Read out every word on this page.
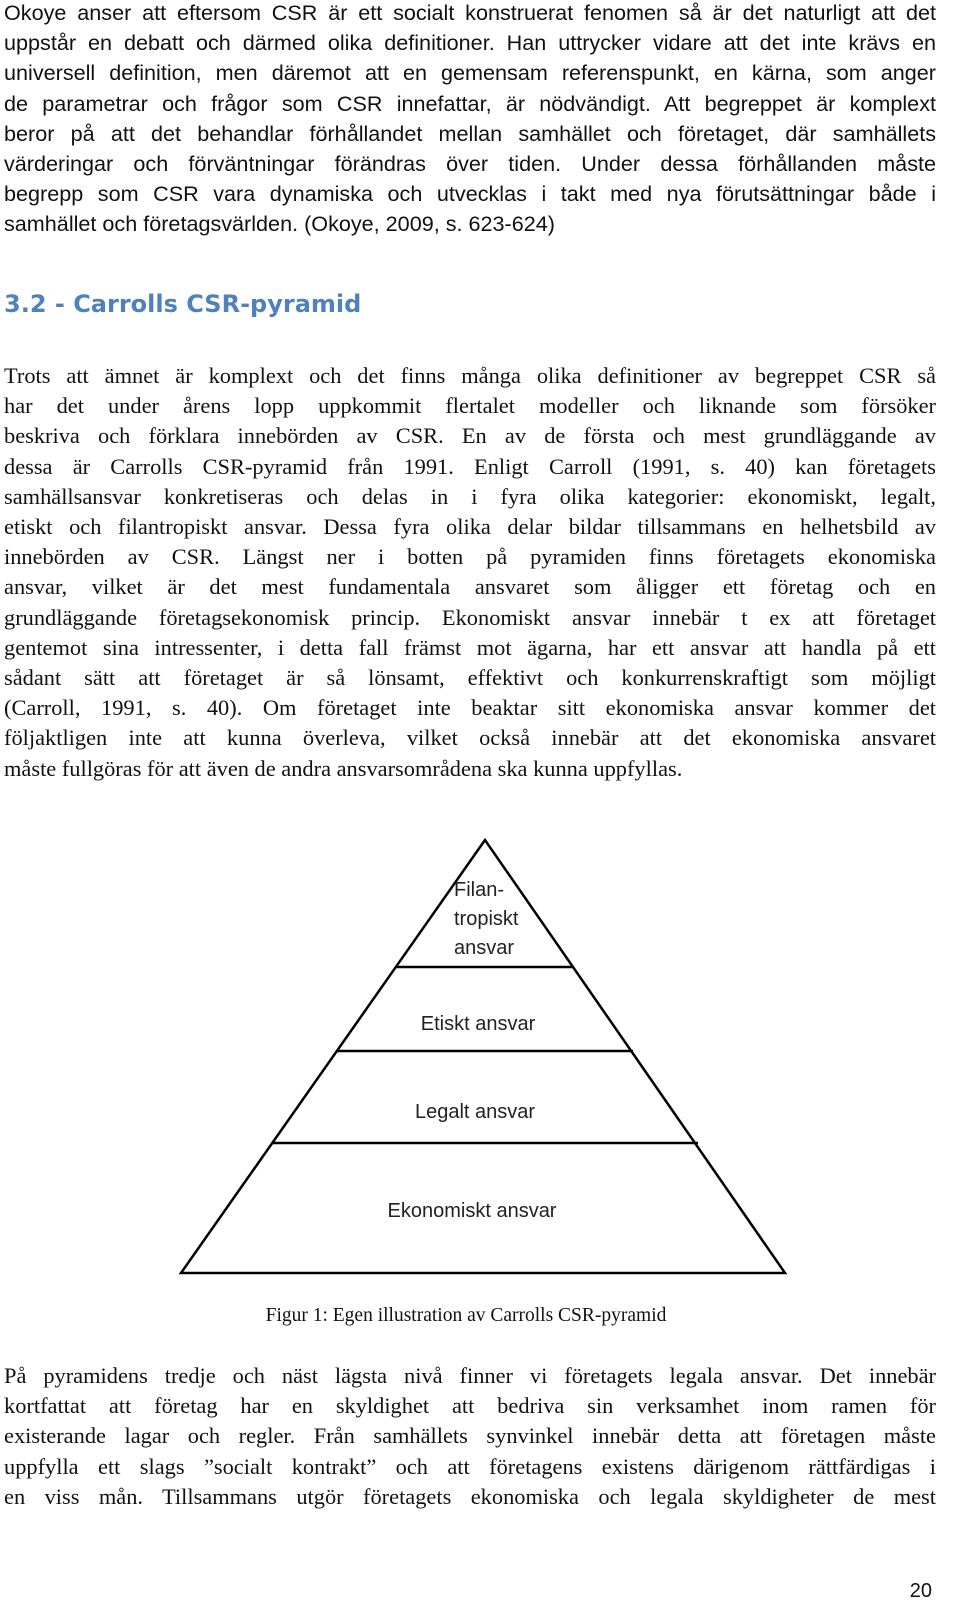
Okoye anser att eftersom CSR är ett socialt konstruerat fenomen så är det naturligt att det
uppstår en debatt och därmed olika definitioner. Han uttrycker vidare att det inte krävs en
universell definition, men däremot att en gemensam referenspunkt, en kärna, som anger
de parametrar och frågor som CSR innefattar, är nödvändigt. Att begreppet är komplext
beror på att det behandlar förhållandet mellan samhället och företaget, där samhällets
värderingar och förväntningar förändras över tiden. Under dessa förhållanden måste
begrepp som CSR vara dynamiska och utvecklas i takt med nya förutsättningar både i
samhället och företagsvärlden. (Okoye, 2009, s. 623-624)
3.2 - Carrolls CSR-pyramid
Trots att ämnet är komplext och det finns många olika definitioner av begreppet CSR så
har det under årens lopp uppkommit flertalet modeller och liknande som försöker
beskriva och förklara innebörden av CSR. En av de första och mest grundläggande av
dessa är Carrolls CSR-pyramid från 1991. Enligt Carroll (1991, s. 40) kan företagets
samhällsansvar konkretiseras och delas in i fyra olika kategorier: ekonomiskt, legalt,
etiskt och filantropiskt ansvar. Dessa fyra olika delar bildar tillsammans en helhetsbild av
innebörden av CSR. Längst ner i botten på pyramiden finns företagets ekonomiska
ansvar, vilket är det mest fundamentala ansvaret som åligger ett företag och en
grundläggande företagsekonomisk princip. Ekonomiskt ansvar innebär t ex att företaget
gentemot sina intressenter, i detta fall främst mot ägarna, har ett ansvar att handla på ett
sådant sätt att företaget är så lönsamt, effektivt och konkurrenskraftigt som möjligt
(Carroll, 1991, s. 40). Om företaget inte beaktar sitt ekonomiska ansvar kommer det
följaktligen inte att kunna överleva, vilket också innebär att det ekonomiska ansvaret
måste fullgöras för att även de andra ansvarsområdena ska kunna uppfyllas.
Filan-
tropiskt
ansvar
Etiskt ansvar
Legalt ansvar
Ekonomiskt ansvar
Figur 1: Egen illustration av Carrolls CSR-pyramid
På pyramidens tredje och näst lägsta nivå finner vi företagets legala ansvar. Det innebär
kortfattat att företag har en skyldighet att bedriva sin verksamhet inom ramen för
existerande lagar och regler. Från samhällets synvinkel innebär detta att företagen måste
uppfylla ett slags ”socialt kontrakt” och att företagens existens därigenom rättfärdigas i
en viss mån. Tillsammans utgör företagets ekonomiska och legala skyldigheter de mest
20
